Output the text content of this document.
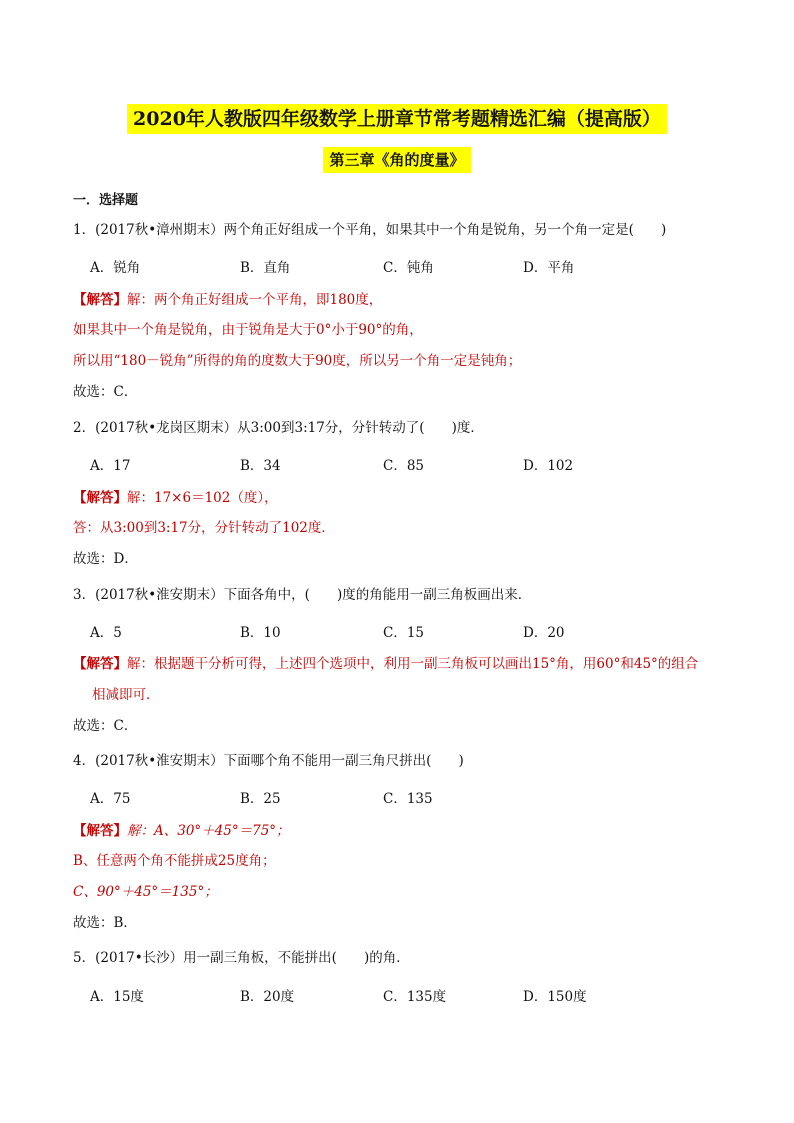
2020年人教版四年级数学上册章节常考题精选汇编（提高版）
第三章《角的度量》
一．选择题
1．(2017秋•漳州期末）两个角正好组成一个平角，如果其中一个角是锐角，另一个角一定是(　　)
A．锐角	B．直角	C．钝角	D．平角
【解答】解：两个角正好组成一个平角，即180度，
如果其中一个角是锐角，由于锐角是大于0°小于90°的角，
所以用“180－锐角”所得的角的度数大于90度，所以另一个角一定是钝角；
故选：C．
2．(2017秋•龙岗区期末）从3:00到3:17分，分针转动了(　　)度．
A．17	B．34	C．85	D．102
【解答】解：17×6＝102（度），
答：从3:00到3:17分，分针转动了102度．
故选：D．
3．(2017秋•淮安期末）下面各角中，(　　)度的角能用一副三角板画出来．
A．5	B．10	C．15	D．20
【解答】解：根据题干分析可得，上述四个选项中，利用一副三角板可以画出15°角，用60°和45°的组合
相减即可．
故选：C．
4．(2017秋•淮安期末）下面哪个角不能用一副三角尺拼出(　　)
A．75	B．25	C．135
【解答】解：A、30°＋45°＝75°；
B、任意两个角不能拼成25度角；
C、90°＋45°＝135°；
故选：B．
5．(2017•长沙）用一副三角板，不能拼出(　　)的角．
A．15度	B．20度	C．135度	D．150度
